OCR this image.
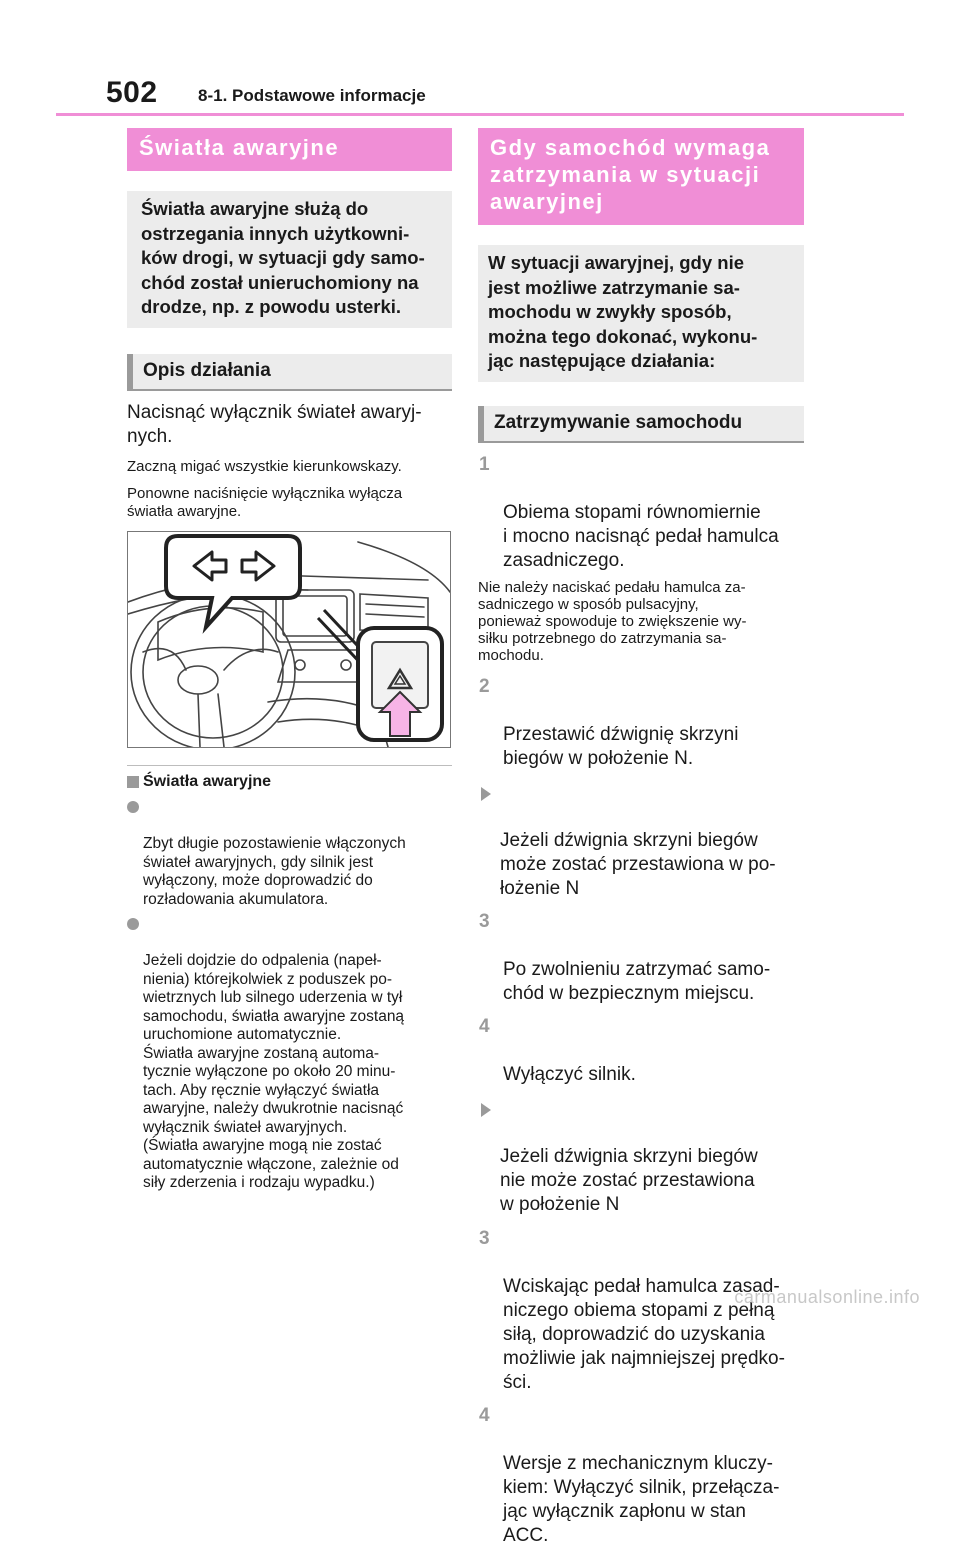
502 8-1. Podstawowe informacje
Światła awaryjne
Światła awaryjne służą do
ostrzegania innych użytkowni-
ków drogi, w sytuacji gdy samo-
chód został unieruchomiony na
drodze, np. z powodu usterki.
Opis działania
Nacisnąć wyłącznik świateł awaryj-
nych.
Zaczną migać wszystkie kierunkowskazy.
Ponowne naciśnięcie wyłącznika wyłącza
światła awaryjne.
Światła awaryjne

Zbyt długie pozostawienie włączonych
świateł awaryjnych, gdy silnik jest
wyłączony, może doprowadzić do
rozładowania akumulatora.

Jeżeli dojdzie do odpalenia (napeł-
nienia) którejkolwiek z poduszek po-
wietrznych lub silnego uderzenia w tył
samochodu, światła awaryjne zostaną
uruchomione automatycznie.
Światła awaryjne zostaną automa-
tycznie wyłączone po około 20 minu-
tach. Aby ręcznie wyłączyć światła
awaryjne, należy dwukrotnie nacisnąć
wyłącznik świateł awaryjnych.
(Światła awaryjne mogą nie zostać
automatycznie włączone, zależnie od
siły zderzenia i rodzaju wypadku.)

Gdy samochód wymaga
zatrzymania w sytuacji
awaryjnej
W sytuacji awaryjnej, gdy nie
jest możliwe zatrzymanie sa-
mochodu w zwykły sposób,
można tego dokonać, wykonu-
jąc następujące działania:
Zatrzymywanie samochodu

1

Obiema stopami równomiernie
i mocno nacisnąć pedał hamulca
zasadniczego.

Nie należy naciskać pedału hamulca za-
sadniczego w sposób pulsacyjny,
ponieważ spowoduje to zwiększenie wy-
siłku potrzebnego do zatrzymania sa-
mochodu.

2

Przestawić dźwignię skrzyni
biegów w położenie N.

Jeżeli dźwignia skrzyni biegów
może zostać przestawiona w po-
łożenie N

3

Po zwolnieniu zatrzymać samo-
chód w bezpiecznym miejscu.

4

Wyłączyć silnik.

Jeżeli dźwignia skrzyni biegów
nie może zostać przestawiona
w położenie N

3

Wciskając pedał hamulca zasad-
niczego obiema stopami z pełną
siłą, doprowadzić do uzyskania
możliwie jak najmniejszej prędko-
ści.

4

Wersje z mechanicznym kluczy-
kiem: Wyłączyć silnik, przełącza-
jąc wyłącznik zapłonu w stan
ACC.

carmanualsonline.info
